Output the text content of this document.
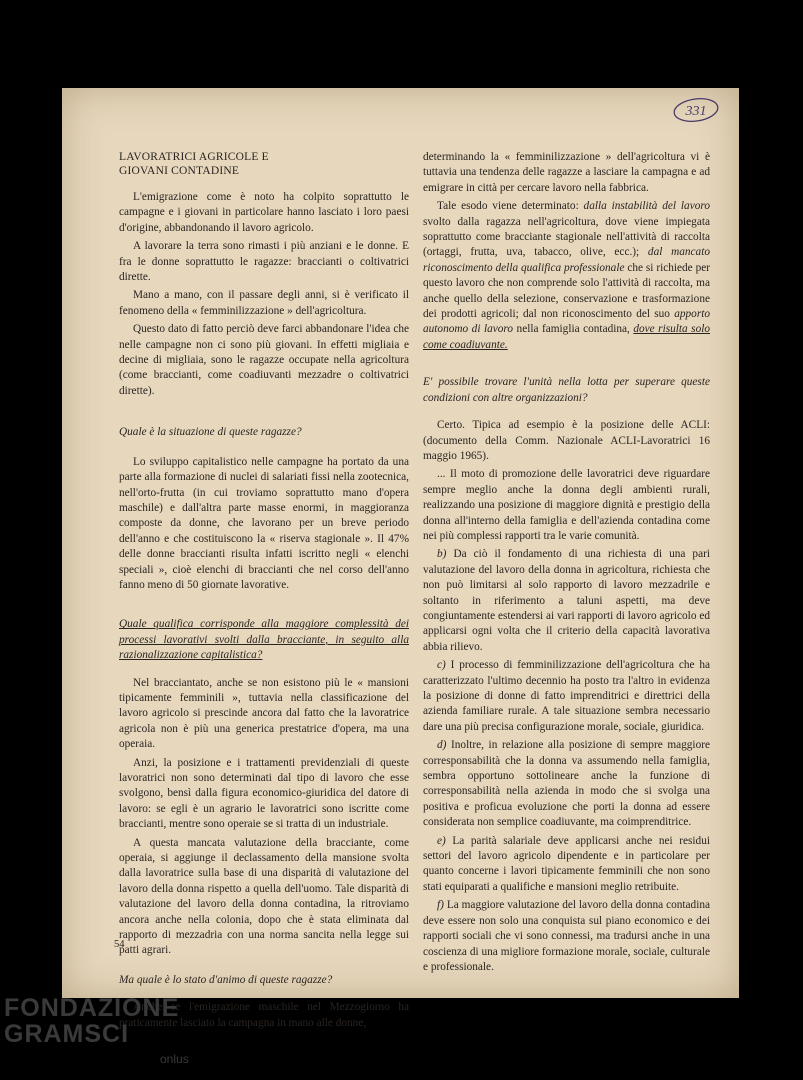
331
LAVORATRICI AGRICOLE E
GIOVANI CONTADINE

L'emigrazione come è noto ha colpito soprattutto le campagne e i giovani in particolare hanno lasciato i loro paesi d'origine, abbandonando il lavoro agricolo.

A lavorare la terra sono rimasti i più anziani e le donne. E fra le donne soprattutto le ragazze: braccianti o coltivatrici dirette.

Mano a mano, con il passare degli anni, si è verificato il fenomeno della « femminilizzazione » dell'agricoltura.

Questo dato di fatto perciò deve farci abbandonare l'idea che nelle campagne non ci sono più giovani. In effetti migliaia e decine di migliaia, sono le ragazze occupate nella agricoltura (come braccianti, come coadiuvanti mezzadre o coltivatrici dirette).

Quale è la situazione di queste ragazze?

Lo sviluppo capitalistico nelle campagne ha portato da una parte alla formazione di nuclei di salariati fissi nella zootecnica, nell'orto-frutta (in cui troviamo soprattutto mano d'opera maschile) e dall'altra parte masse enormi, in maggioranza composte da donne, che lavorano per un breve periodo dell'anno e che costituiscono la « riserva stagionale ». Il 47% delle donne braccianti risulta infatti iscritto negli « elenchi speciali », cioè elenchi di braccianti che nel corso dell'anno fanno meno di 50 giornate lavorative.

Quale qualifica corrisponde alla maggiore complessità dei processi lavorativi svolti dalla bracciante, in seguito alla razionalizzazione capitalistica?

Nel bracciantato, anche se non esistono più le « mansioni tipicamente femminili », tuttavia nella classificazione del lavoro agricolo si prescinde ancora dal fatto che la lavoratrice agricola non è più una generica prestatrice d'opera, ma una operaia.

Anzi, la posizione e i trattamenti previdenziali di queste lavoratrici non sono determinati dal tipo di lavoro che esse svolgono, bensì dalla figura economico-giuridica del datore di lavoro: se egli è un agrario le lavoratrici sono iscritte come braccianti, mentre sono operaie se si tratta di un industriale.

A questa mancata valutazione della bracciante, come operaia, si aggiunge il declassamento della mansione svolta dalla lavoratrice sulla base di una disparità di valutazione del lavoro della donna rispetto a quella dell'uomo. Tale disparità di valutazione del lavoro della donna contadina, la ritroviamo ancora anche nella colonia, dopo che è stata eliminata dal rapporto di mezzadria con una norma sancita nella legge sui patti agrari.

Ma quale è lo stato d'animo di queste ragazze?

Anche se l'emigrazione maschile nel Mezzogiorno ha praticamente lasciato la campagna in mano alle donne,

determinando la « femminilizzazione » dell'agricoltura vi è tuttavia una tendenza delle ragazze a lasciare la campagna e ad emigrare in città per cercare lavoro nella fabbrica.

Tale esodo viene determinato: dalla instabilità del lavoro svolto dalla ragazza nell'agricoltura, dove viene impiegata soprattutto come bracciante stagionale nell'attività di raccolta (ortaggi, frutta, uva, tabacco, olive, ecc.); dal mancato riconoscimento della qualifica professionale che si richiede per questo lavoro che non comprende solo l'attività di raccolta, ma anche quello della selezione, conservazione e trasformazione dei prodotti agricoli; dal non riconoscimento del suo apporto autonomo di lavoro nella famiglia contadina, dove risulta solo come coadiuvante.

E' possibile trovare l'unità nella lotta per superare queste condizioni con altre organizzazioni?

Certo. Tipica ad esempio è la posizione delle ACLI: (documento della Comm. Nazionale ACLI-Lavoratrici 16 maggio 1965).

... Il moto di promozione delle lavoratrici deve riguardare sempre meglio anche la donna degli ambienti rurali, realizzando una posizione di maggiore dignità e prestigio della donna all'interno della famiglia e dell'azienda contadina come nei più complessi rapporti tra le varie comunità.

b) Da ciò il fondamento di una richiesta di una pari valutazione del lavoro della donna in agricoltura, richiesta che non può limitarsi al solo rapporto di lavoro mezzadrile e soltanto in riferimento a taluni aspetti, ma deve congiuntamente estendersi ai vari rapporti di lavoro agricolo ed applicarsi ogni volta che il criterio della capacità lavorativa abbia rilievo.

c) I processo di femminilizzazione dell'agricoltura che ha caratterizzato l'ultimo decennio ha posto tra l'altro in evidenza la posizione di donne di fatto imprenditrici e direttrici della azienda familiare rurale. A tale situazione sembra necessario dare una più precisa configurazione morale, sociale, giuridica.

d) Inoltre, in relazione alla posizione di sempre maggiore corresponsabilità che la donna va assumendo nella famiglia, sembra opportuno sottolineare anche la funzione di corresponsabilità nella azienda in modo che si svolga una positiva e proficua evoluzione che porti la donna ad essere considerata non semplice coadiuvante, ma coimprenditrice.

e) La parità salariale deve applicarsi anche nei residui settori del lavoro agricolo dipendente e in particolare per quanto concerne i lavori tipicamente femminili che non sono stati equiparati a qualifiche e mansioni meglio retribuite.

f) La maggiore valutazione del lavoro della donna contadina deve essere non solo una conquista sul piano economico e dei rapporti sociali che vi sono connessi, ma tradursi anche in una coscienza di una migliore formazione morale, sociale, culturale e professionale.

54
FONDAZIONE
GRAMSCI
onlus
